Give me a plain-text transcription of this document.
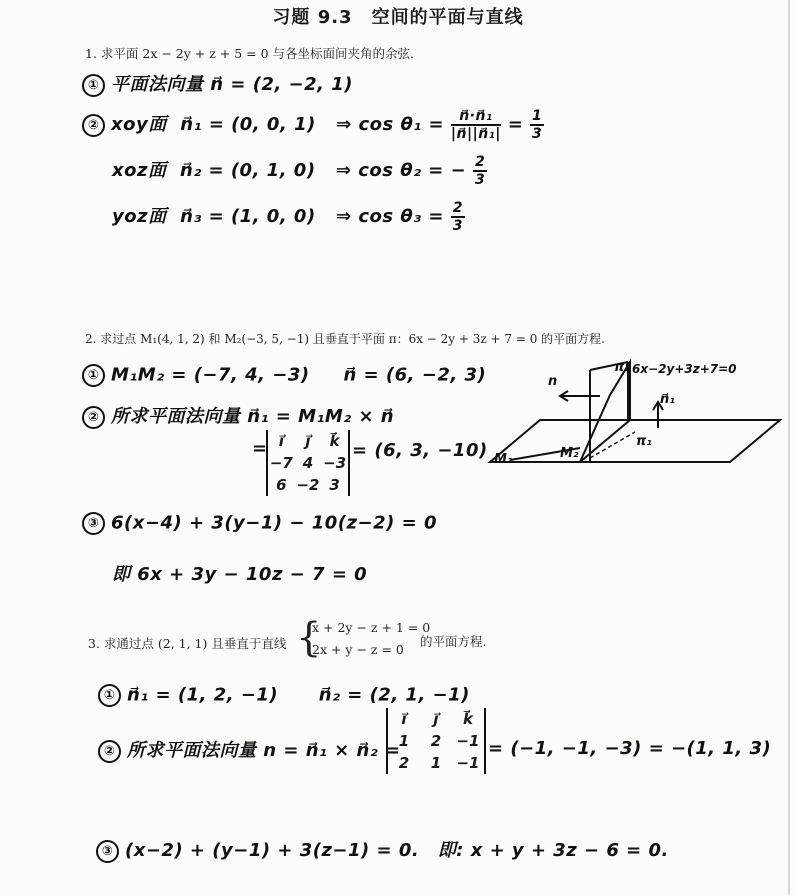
习题 9.3　空间的平面与直线
1. 求平面 2x − 2y + z + 5 = 0 与各坐标面间夹角的余弦.
① 平面法向量 n⃗ = (2, −2, 1)
② xoy面 n⃗₁ = (0, 0, 1) ⇒ $\cos \theta_1 = \frac{\text{n⃗·n⃗₁}}{\text{|n⃗||n⃗₁|}} = \frac{1}{3}$
xoz面 n⃗₂ = (0, 1, 0) ⇒ cos θ₂ = − $\frac{2}{3}$
yoz面 n⃗₃ = (1, 0, 0) ⇒ $\cos \theta_3 = \frac{2}{3}$
2. 求过点 M₁(4, 1, 2) 和 M₂(−3, 5, −1) 且垂直于平面 π：6x − 2y + 3z + 7 = 0 的平面方程.
① M₁M₂ = (−7, 4, −3) n⃗ = (6, −2, 3)
② 所求平面法向量 n⃗₁ = M₁M₂ × n⃗
= i⃗	j⃗	k⃗
−7 4 −3
6 −2 3
= (6, 3, −10)
n
π: 6x−2y+3z+7=0
n⃗₁
π₁
M₁	M₂
③ 6(x−4) + 3(y−1) − 10(z−2) = 0
即 6x + 3y − 10z − 7 = 0
3. 求通过点 (2, 1, 1) 且垂直于直线 {
x + 2y − z + 1 = 0
2x + y − z = 0
的平面方程.
① n⃗₁ = (1, 2, −1) n⃗₂ = (2, 1, −1)
② 所求平面法向量 n = n⃗₁ × n⃗₂ =
i⃗	j⃗	k⃗
1	2	−1
2	1	−1
= (−1, −1, −3) = −(1, 1, 3)
③ (x−2) + (y−1) + 3(z−1) = 0.　即: x + y + 3z − 6 = 0.
